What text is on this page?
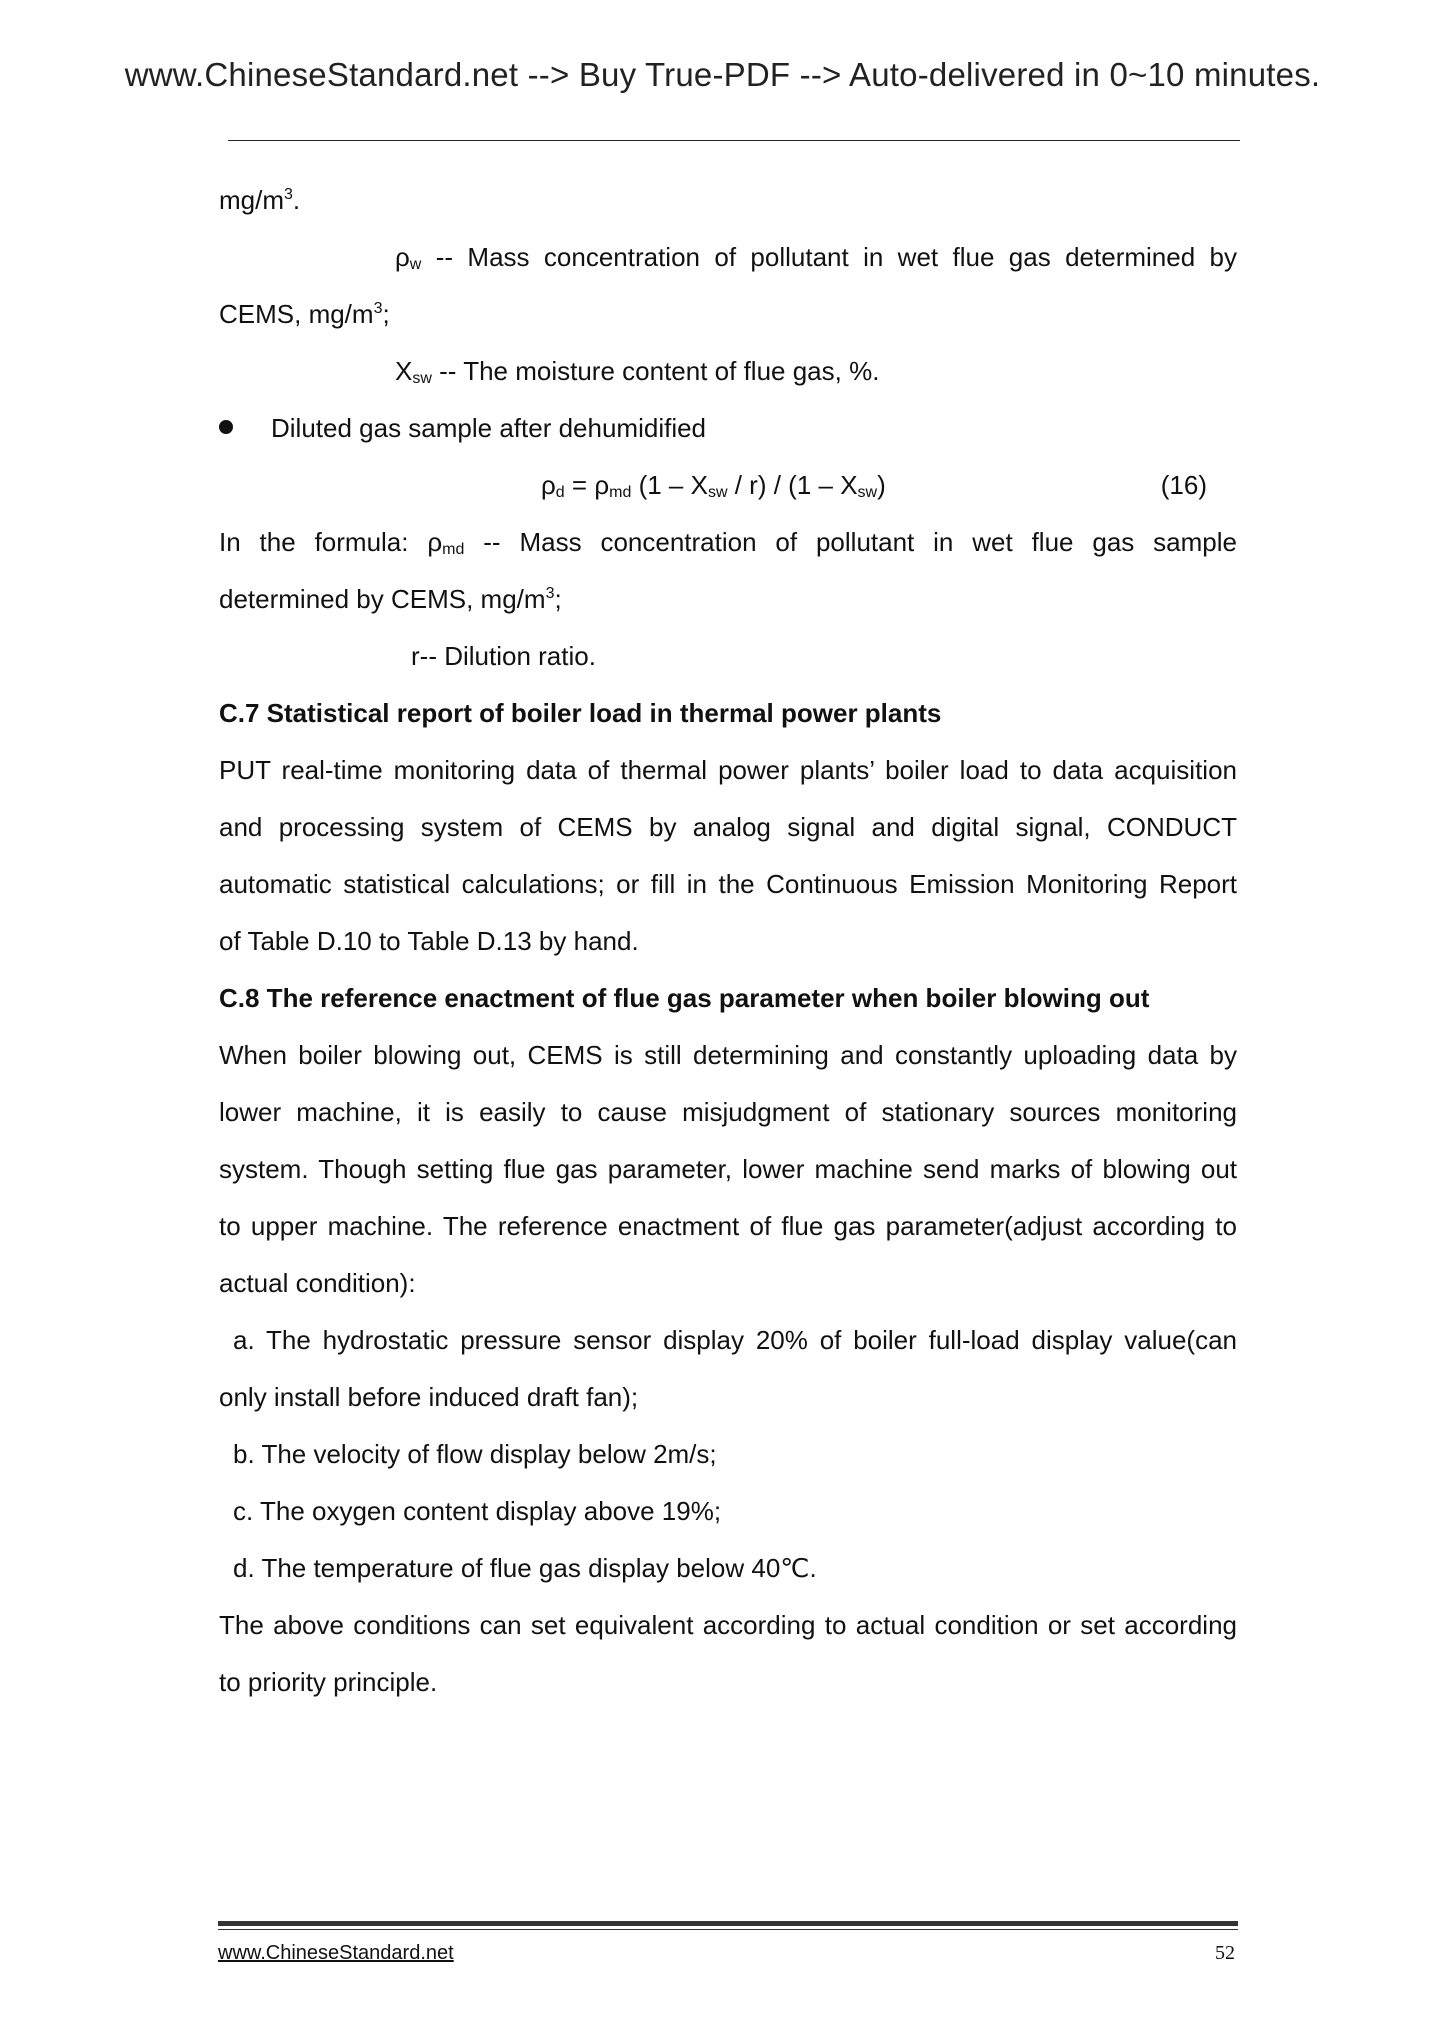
www.ChineseStandard.net --> Buy True-PDF --> Auto-delivered in 0~10 minutes.

$mg/m^3$.

$\rho_w$ -- Mass concentration of pollutant in wet flue gas determined by

CEMS, $mg/m^3$;

$X_{sw}$ -- The moisture content of flue gas, %.

Diluted gas sample after dehumidified
$\rho_d = \rho_{md}$ $(1 - X_{sw} / r) / (1 - X_{sw})$	(16)

In the formula: $\rho_{md}$ -- Mass concentration of pollutant in wet flue gas sample

determined by CEMS, $mg/m^3$;

r-- Dilution ratio.

C.7 Statistical report of boiler load in thermal power plants

PUT real-time monitoring data of thermal power plants’ boiler load to data acquisition

and processing system of CEMS by analog signal and digital signal, CONDUCT

automatic statistical calculations; or fill in the Continuous Emission Monitoring Report

of Table D.10 to Table D.13 by hand.

C.8 The reference enactment of flue gas parameter when boiler blowing out

When boiler blowing out, CEMS is still determining and constantly uploading data by

lower machine, it is easily to cause misjudgment of stationary sources monitoring

system. Though setting flue gas parameter, lower machine send marks of blowing out

to upper machine. The reference enactment of flue gas parameter(adjust according to

actual condition):

a. The hydrostatic pressure sensor display 20% of boiler full-load display value(can

only install before induced draft fan);

b. The velocity of flow display below 2m/s;

c. The oxygen content display above 19%;

d. The temperature of flue gas display below 40℃.

The above conditions can set equivalent according to actual condition or set according

to priority principle.

www.ChineseStandard.net	52
